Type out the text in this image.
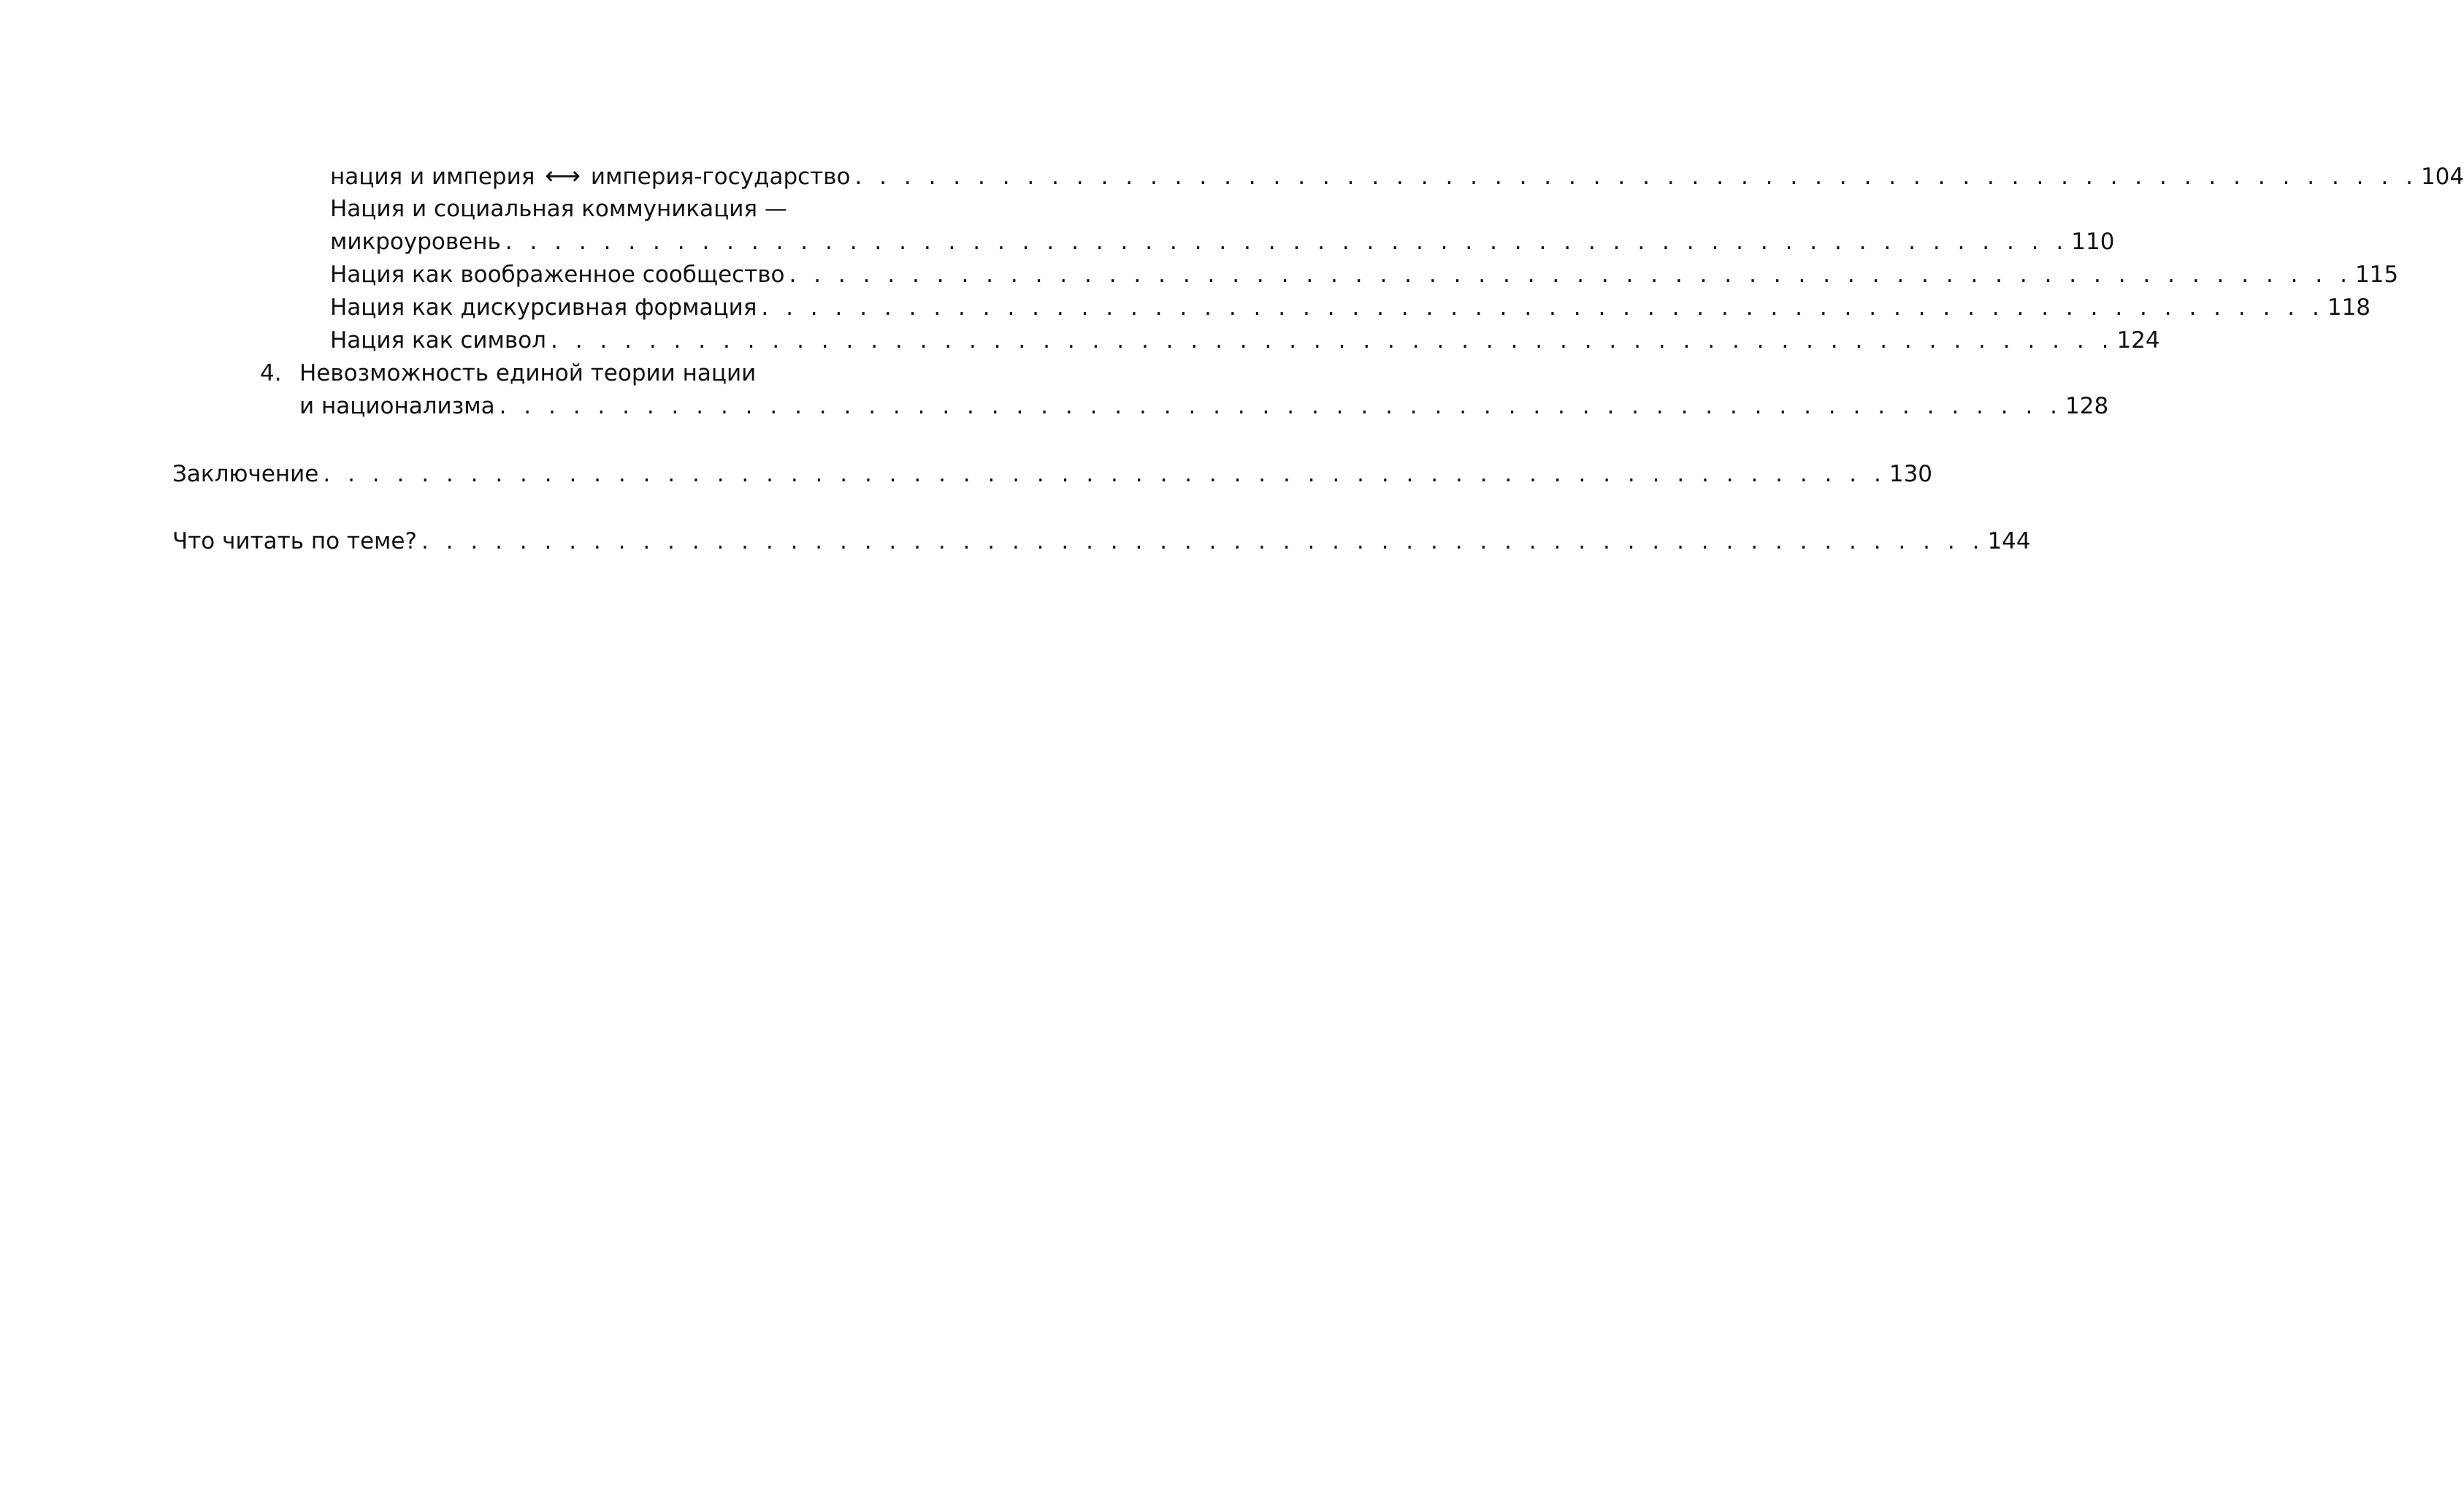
нация и империя ⟷ империя-государство . . . . . . . . . . . . . . . . . . . . . . . . . . . . . . . . . . . . . . . . . . . . . . . . . . . . . . . . . . . . . . . . 104
Нация и социальная коммуникация —
микроуровень . . . . . . . . . . . . . . . . . . . . . . . . . . . . . . . . . . . . . . . . . . . . . . . . . . . . . . . . . . . . . . . . 110
Нация как воображенное сообщество . . . . . . . . . . . . . . . . . . . . . . . . . . . . . . . . . . . . . . . . . . . . . . . . . . . . . . . . . . . . . . . . 115
Нация как дискурсивная формация . . . . . . . . . . . . . . . . . . . . . . . . . . . . . . . . . . . . . . . . . . . . . . . . . . . . . . . . . . . . . . . . 118
Нация как символ . . . . . . . . . . . . . . . . . . . . . . . . . . . . . . . . . . . . . . . . . . . . . . . . . . . . . . . . . . . . . . . . 124
4. Невозможность единой теории нации
и национализма . . . . . . . . . . . . . . . . . . . . . . . . . . . . . . . . . . . . . . . . . . . . . . . . . . . . . . . . . . . . . . . . 128
Заключение . . . . . . . . . . . . . . . . . . . . . . . . . . . . . . . . . . . . . . . . . . . . . . . . . . . . . . . . . . . . . . . . 130
Что читать по теме? . . . . . . . . . . . . . . . . . . . . . . . . . . . . . . . . . . . . . . . . . . . . . . . . . . . . . . . . . . . . . . . . 144
